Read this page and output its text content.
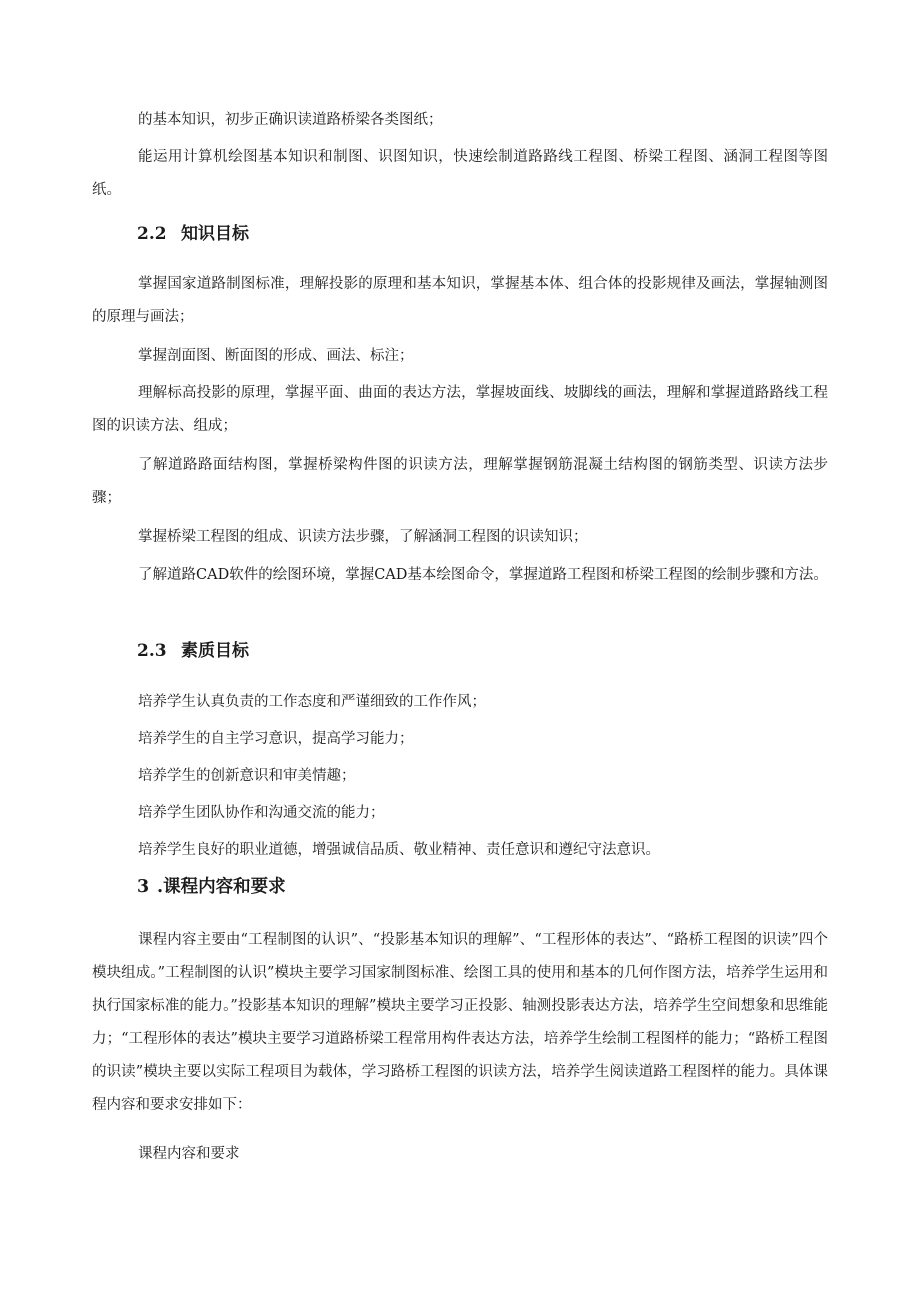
的基本知识，初步正确识读道路桥梁各类图纸；

能运用计算机绘图基本知识和制图、识图知识，快速绘制道路路线工程图、桥梁工程图、涵洞工程图等图纸。

2.2 知识目标

掌握国家道路制图标准，理解投影的原理和基本知识，掌握基本体、组合体的投影规律及画法，掌握轴测图的原理与画法；

掌握剖面图、断面图的形成、画法、标注；

理解标高投影的原理，掌握平面、曲面的表达方法，掌握坡面线、坡脚线的画法，理解和掌握道路路线工程图的识读方法、组成；

了解道路路面结构图，掌握桥梁构件图的识读方法，理解掌握钢筋混凝土结构图的钢筋类型、识读方法步骤；

掌握桥梁工程图的组成、识读方法步骤，了解涵洞工程图的识读知识；

了解道路CAD软件的绘图环境，掌握CAD基本绘图命令，掌握道路工程图和桥梁工程图的绘制步骤和方法。

2.3 素质目标

培养学生认真负责的工作态度和严谨细致的工作作风；

培养学生的自主学习意识，提高学习能力；

培养学生的创新意识和审美情趣；

培养学生团队协作和沟通交流的能力；

培养学生良好的职业道德，增强诚信品质、敬业精神、责任意识和遵纪守法意识。

3 .课程内容和要求

课程内容主要由“工程制图的认识”、“投影基本知识的理解”、“工程形体的表达”、“路桥工程图的识读”四个模块组成。”工程制图的认识”模块主要学习国家制图标准、绘图工具的使用和基本的几何作图方法，培养学生运用和执行国家标准的能力。”投影基本知识的理解”模块主要学习正投影、轴测投影表达方法，培养学生空间想象和思维能力；“工程形体的表达”模块主要学习道路桥梁工程常用构件表达方法，培养学生绘制工程图样的能力；“路桥工程图的识读”模块主要以实际工程项目为载体，学习路桥工程图的识读方法，培养学生阅读道路工程图样的能力。具体课程内容和要求安排如下：

课程内容和要求
